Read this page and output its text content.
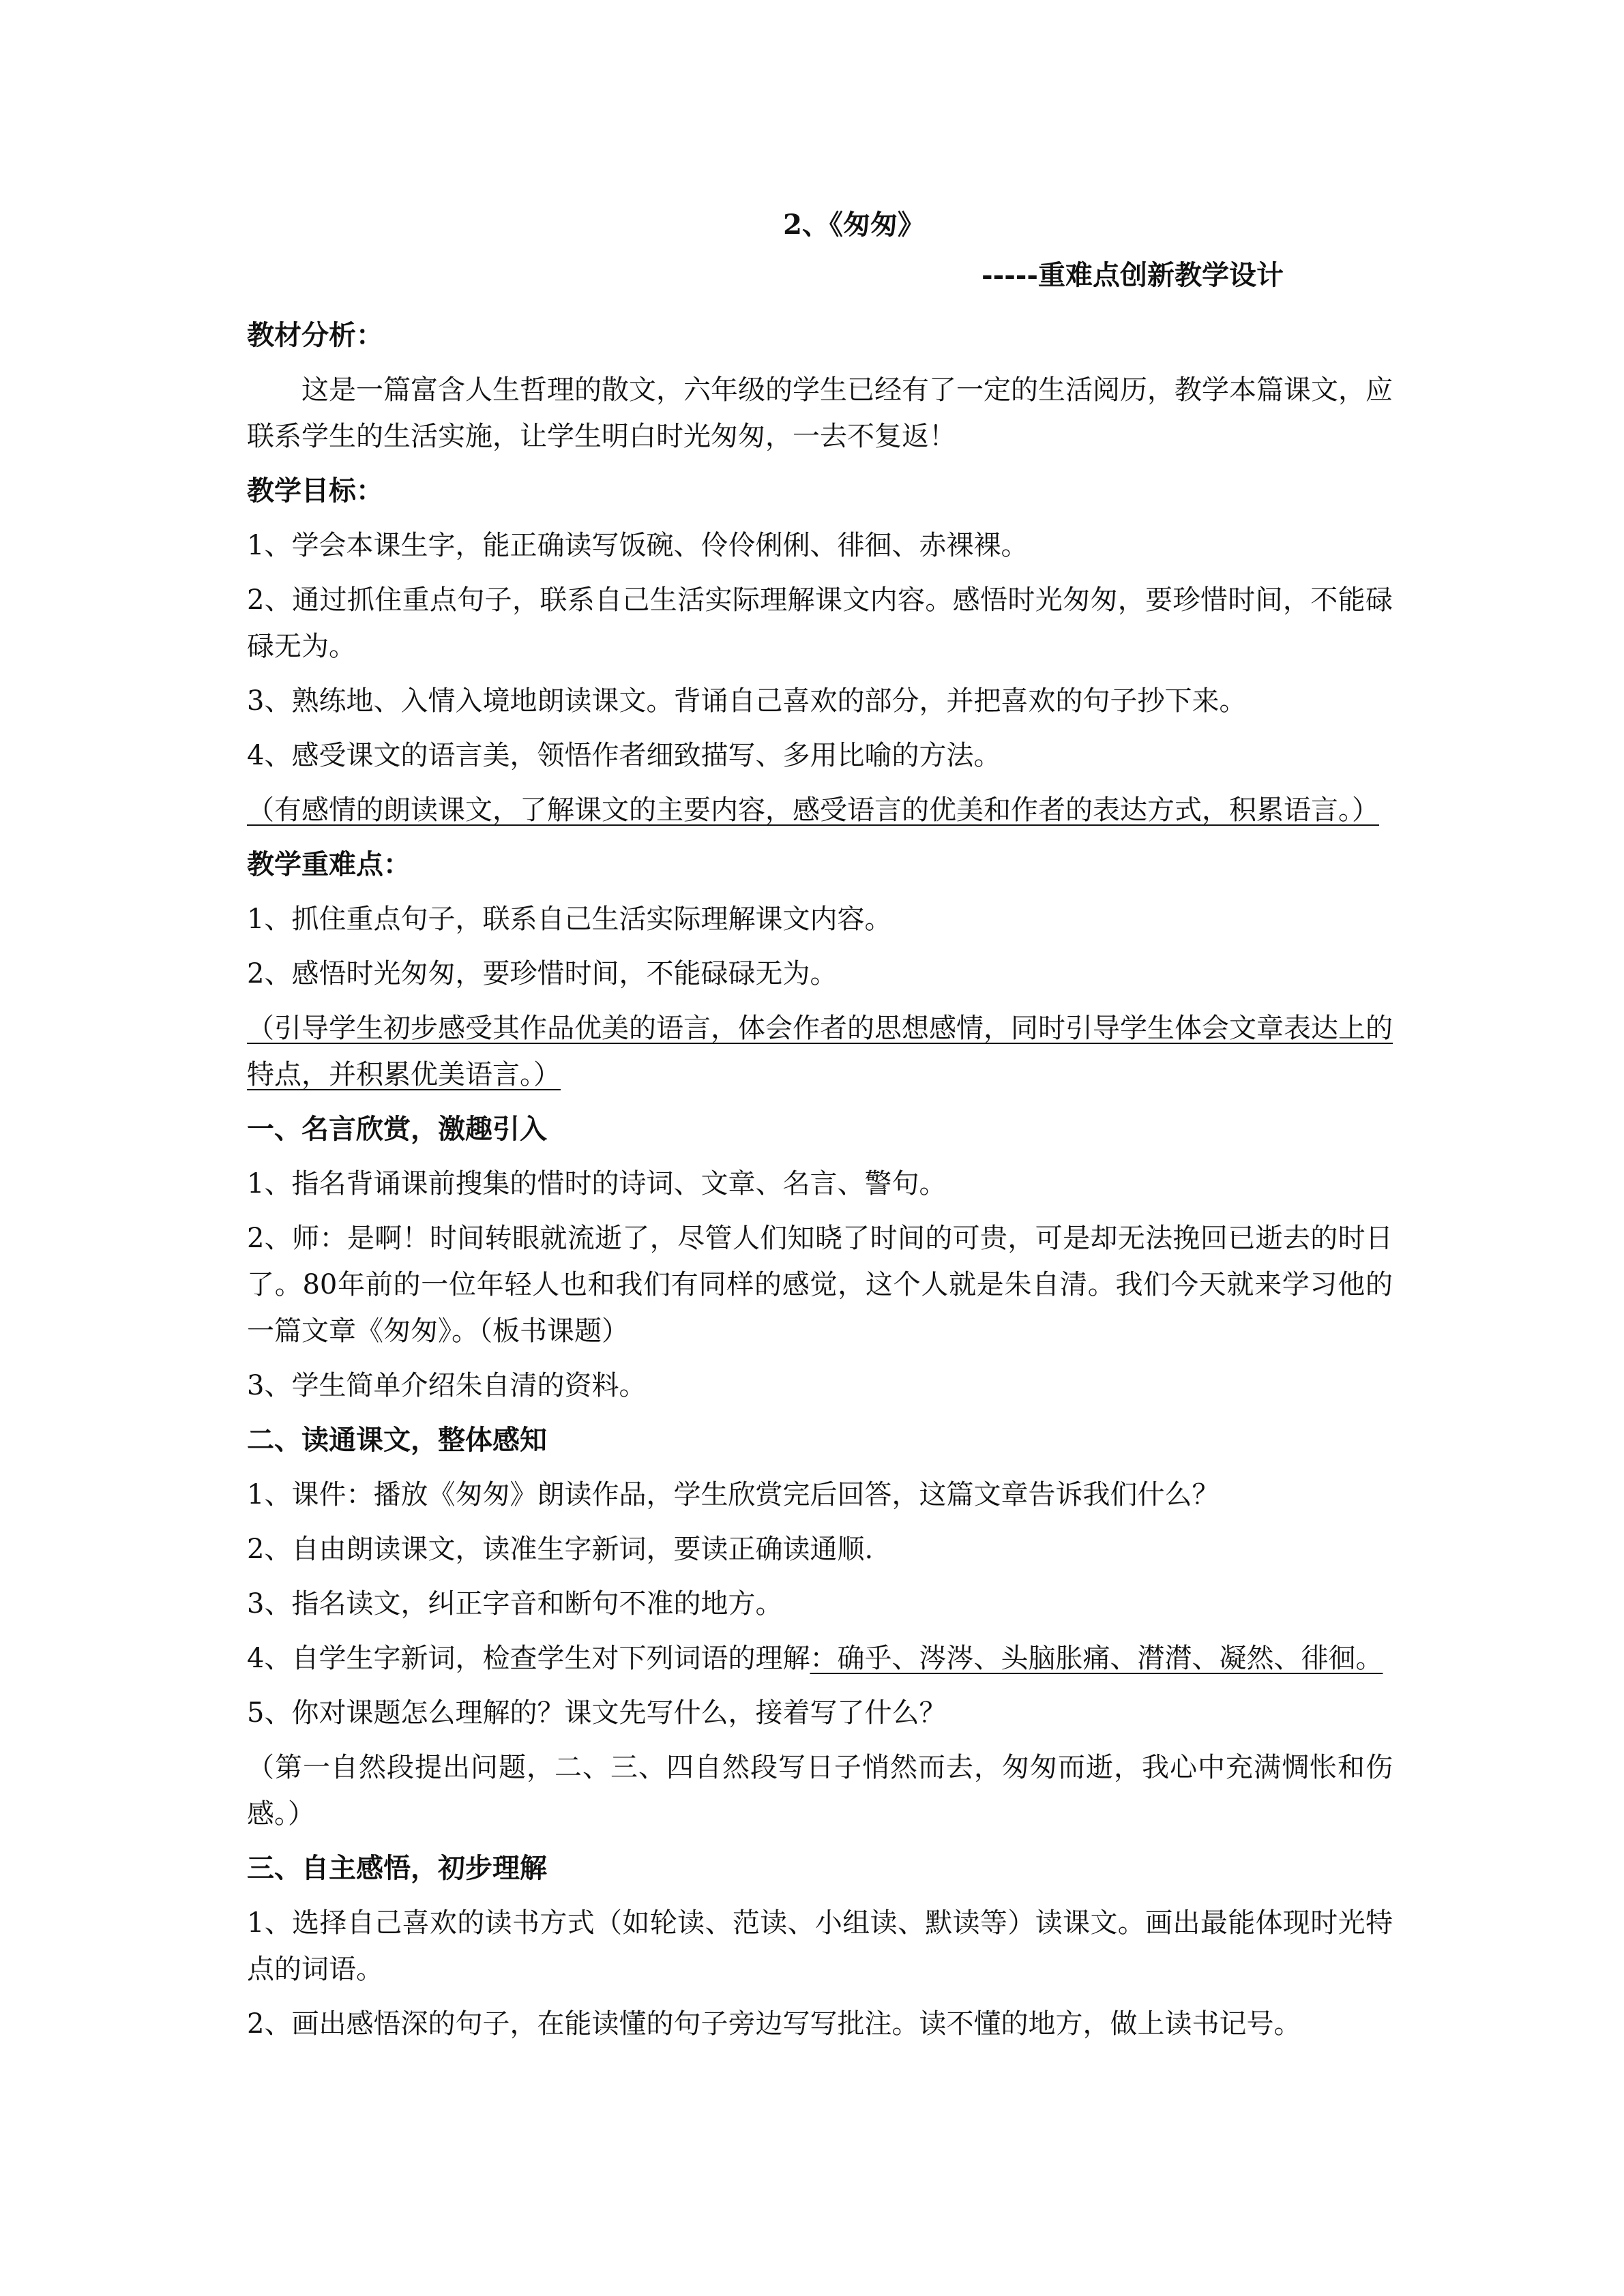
2、《匆匆》

-----重难点创新教学设计

教材分析：

这是一篇富含人生哲理的散文，六年级的学生已经有了一定的生活阅历，教学本篇课文，应联系学生的生活实施，让学生明白时光匆匆，一去不复返！

教学目标：

1、学会本课生字，能正确读写饭碗、伶伶俐俐、徘徊、赤裸裸。

2、通过抓住重点句子，联系自己生活实际理解课文内容。感悟时光匆匆，要珍惜时间，不能碌碌无为。

3、熟练地、入情入境地朗读课文。背诵自己喜欢的部分，并把喜欢的句子抄下来。

4、感受课文的语言美，领悟作者细致描写、多用比喻的方法。

（有感情的朗读课文，了解课文的主要内容，感受语言的优美和作者的表达方式，积累语言。）

教学重难点：

1、抓住重点句子，联系自己生活实际理解课文内容。

2、感悟时光匆匆，要珍惜时间，不能碌碌无为。

（引导学生初步感受其作品优美的语言，体会作者的思想感情，同时引导学生体会文章表达上的特点，并积累优美语言。）

一、名言欣赏，激趣引入

1、指名背诵课前搜集的惜时的诗词、文章、名言、警句。

2、师：是啊！时间转眼就流逝了，尽管人们知晓了时间的可贵，可是却无法挽回已逝去的时日了。80年前的一位年轻人也和我们有同样的感觉，这个人就是朱自清。我们今天就来学习他的一篇文章《匆匆》。（板书课题）

3、学生简单介绍朱自清的资料。

二、读通课文，整体感知

1、课件：播放《匆匆》朗读作品，学生欣赏完后回答，这篇文章告诉我们什么？

2、自由朗读课文，读准生字新词，要读正确读通顺.

3、指名读文，纠正字音和断句不准的地方。

4、自学生字新词，检查学生对下列词语的理解：确乎、涔涔、头脑胀痛、潸潸、凝然、徘徊。

5、你对课题怎么理解的？课文先写什么，接着写了什么？

（第一自然段提出问题，二、三、四自然段写日子悄然而去，匆匆而逝，我心中充满惆怅和伤感。）

三、自主感悟，初步理解

1、选择自己喜欢的读书方式（如轮读、范读、小组读、默读等）读课文。画出最能体现时光特点的词语。

2、画出感悟深的句子，在能读懂的句子旁边写写批注。读不懂的地方，做上读书记号。
